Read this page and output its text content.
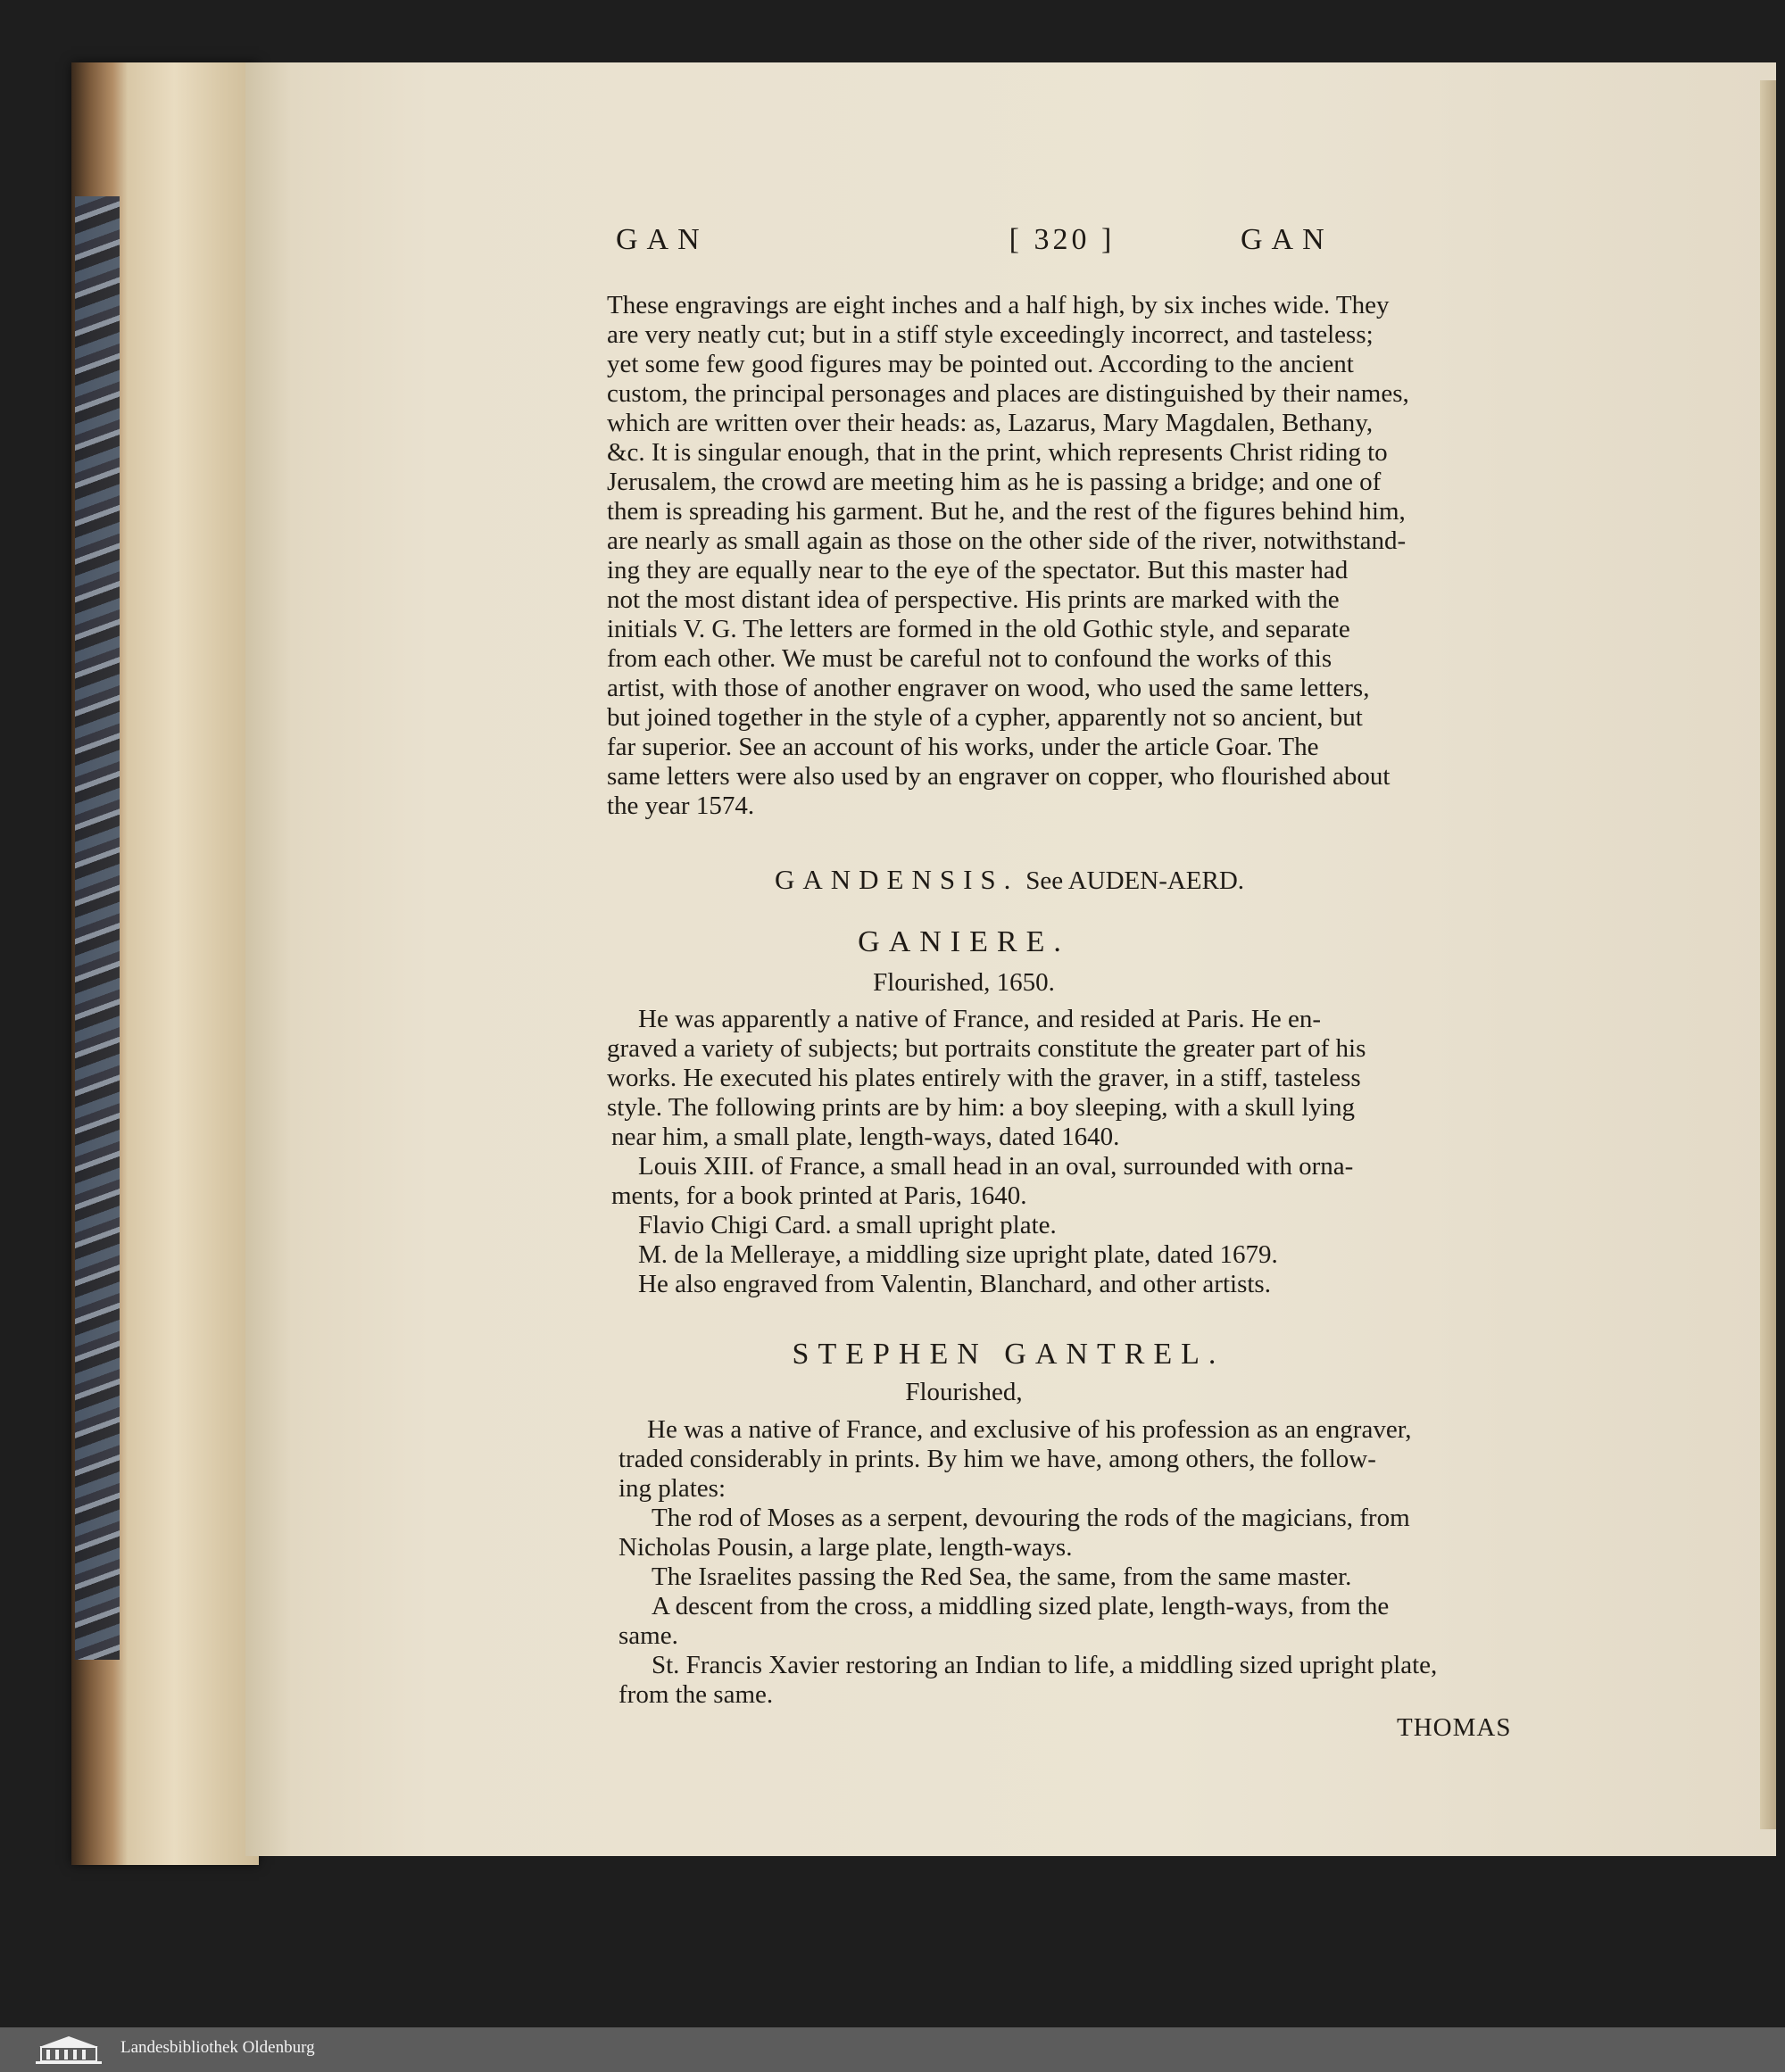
GAN	[ 320 ]	GAN
These engravings are eight inches and a half high, by six inches wide. They
are very neatly cut; but in a stiff style exceedingly incorrect, and tasteless;
yet some few good figures may be pointed out. According to the ancient
custom, the principal personages and places are distinguished by their names,
which are written over their heads: as, Lazarus, Mary Magdalen, Bethany,
&c. It is singular enough, that in the print, which represents Christ riding to
Jerusalem, the crowd are meeting him as he is passing a bridge; and one of
them is spreading his garment. But he, and the rest of the figures behind him,
are nearly as small again as those on the other side of the river, notwithstand-
ing they are equally near to the eye of the spectator. But this master had
not the most distant idea of perspective. His prints are marked with the
initials V. G. The letters are formed in the old Gothic style, and separate
from each other. We must be careful not to confound the works of this
artist, with those of another engraver on wood, who used the same letters,
but joined together in the style of a cypher, apparently not so ancient, but
far superior. See an account of his works, under the article Goar. The
same letters were also used by an engraver on copper, who flourished about
the year 1574.
GANDENSIS. See AUDEN-AERD.
GANIERE.
Flourished, 1650.
He was apparently a native of France, and resided at Paris. He en-
graved a variety of subjects; but portraits constitute the greater part of his
works. He executed his plates entirely with the graver, in a stiff, tasteless
style. The following prints are by him: a boy sleeping, with a skull lying
near him, a small plate, length-ways, dated 1640.
Louis XIII. of France, a small head in an oval, surrounded with orna-
ments, for a book printed at Paris, 1640.
Flavio Chigi Card. a small upright plate.
M. de la Melleraye, a middling size upright plate, dated 1679.
He also engraved from Valentin, Blanchard, and other artists.
STEPHEN GANTREL.
Flourished,
He was a native of France, and exclusive of his profession as an engraver,
traded considerably in prints. By him we have, among others, the follow-
ing plates:
The rod of Moses as a serpent, devouring the rods of the magicians, from
Nicholas Pousin, a large plate, length-ways.
The Israelites passing the Red Sea, the same, from the same master.
A descent from the cross, a middling sized plate, length-ways, from the
same.
St. Francis Xavier restoring an Indian to life, a middling sized upright plate,
from the same.
THOMAS
Landesbibliothek Oldenburg
